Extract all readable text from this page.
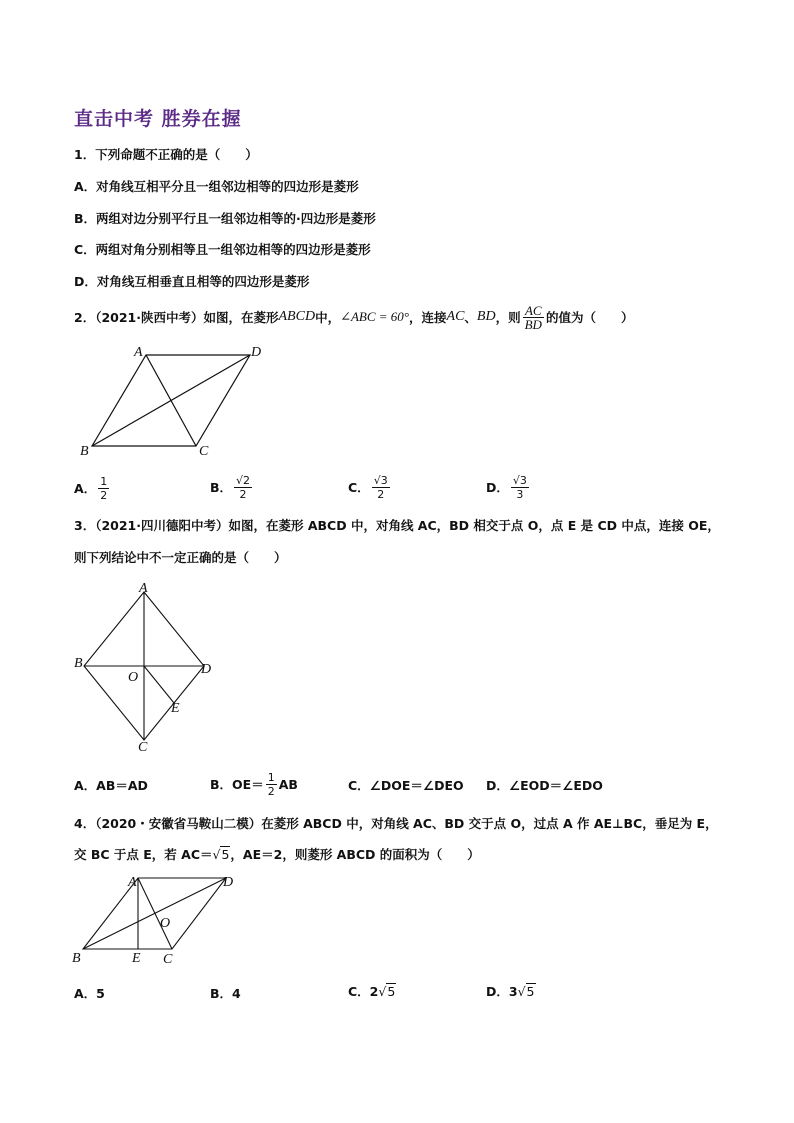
直击中考 胜券在握
1．下列命题不正确的是（　　）
A．对角线互相平分且一组邻边相等的四边形是菱形
B．两组对边分别平行且一组邻边相等的·四边形是菱形
C．两组对角分别相等且一组邻边相等的四边形是菱形
D．对角线互相垂直且相等的四边形是菱形
2．（2021·陕西中考）如图，在菱形 ABCD 中， ∠ABC = 60° ，连接 AC 、 BD ，则 $\frac{AC}{BD}$ 的值为（　　）
A	D
B	C
A． $\frac{1}{2}$	B． $\frac{√2}{2}$	C． $\frac{√3}{2}$	D． $\frac{√3}{3}$
3．（2021·四川德阳中考）如图，在菱形 ABCD 中，对角线 AC，BD 相交于点 O，点 E 是 CD 中点，连接 OE，
则下列结论中不一定正确的是（　　）
A
B	D
O
E
C
A．AB＝AD	B．$OE= \frac{1}{2}$ AB	C．∠DOE＝∠DEO D．∠EOD＝∠EDO
4．（2020・安徽省马鞍山二模）在菱形 ABCD 中，对角线 AC、BD 交于点 O，过点 A 作 AE⊥BC，垂足为 E，
交 BC 于点 E，若 AC＝ √5 ，AE＝2，则菱形 ABCD 的面积为（　　）
A	D
O
B	E C
A．5	B．4	C．2 √5	D．3 √5
